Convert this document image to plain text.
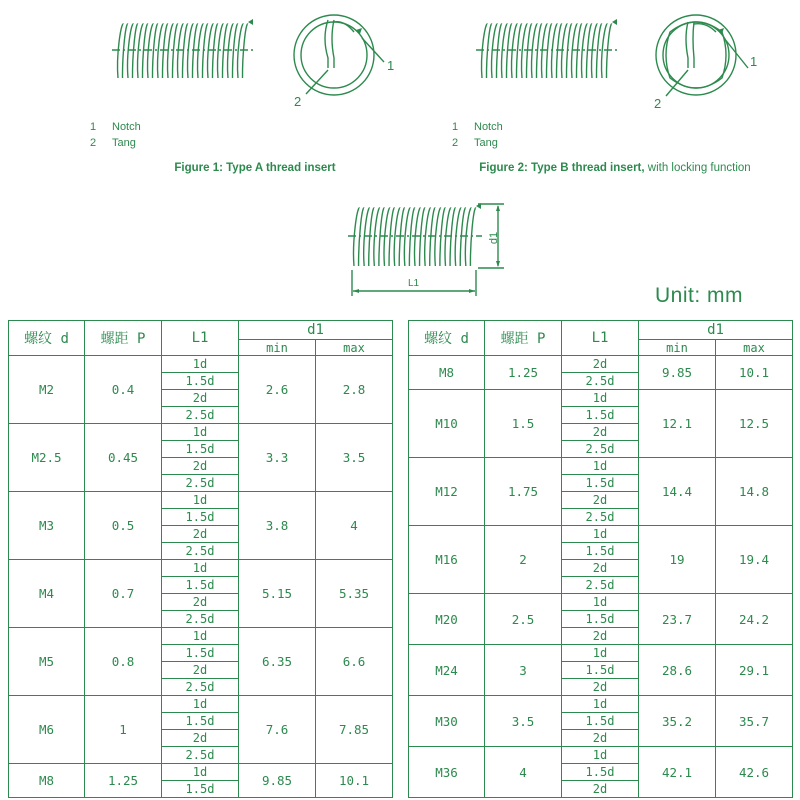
1
2
1 Notch
2 Tang
Figure 1: Type A thread insert
1
2
1 Notch
2 Tang
Figure 2: Type B thread insert, with locking function
d1
L1
Unit: mm
螺纹 d	螺距 P	L1	d1	
			min	max
M2	0.4	1d	2.6	2.8
		1.5d		
		2d		
		2.5d		
M2.5	0.45	1d	3.3	3.5
		1.5d		
		2d		
		2.5d		
M3	0.5	1d	3.8	4
		1.5d		
		2d		
		2.5d		
M4	0.7	1d	5.15	5.35
		1.5d		
		2d		
		2.5d		
M5	0.8	1d	6.35	6.6
		1.5d		
		2d		
		2.5d		
M6	1	1d	7.6	7.85
		1.5d		
		2d		
		2.5d		
M8	1.25	1d	9.85	10.1
		1.5d		
螺纹 d	螺距 P	L1	d1	
			min	max
M8	1.25	2d	9.85	10.1
		2.5d		
M10	1.5	1d	12.1	12.5
		1.5d		
		2d		
		2.5d		
M12	1.75	1d	14.4	14.8
		1.5d		
		2d		
		2.5d		
M16	2	1d	19	19.4
		1.5d		
		2d		
		2.5d		
M20	2.5	1d	23.7	24.2
		1.5d		
		2d		
M24	3	1d	28.6	29.1
		1.5d		
		2d		
M30	3.5	1d	35.2	35.7
		1.5d		
		2d		
M36	4	1d	42.1	42.6
		1.5d		
		2d		
